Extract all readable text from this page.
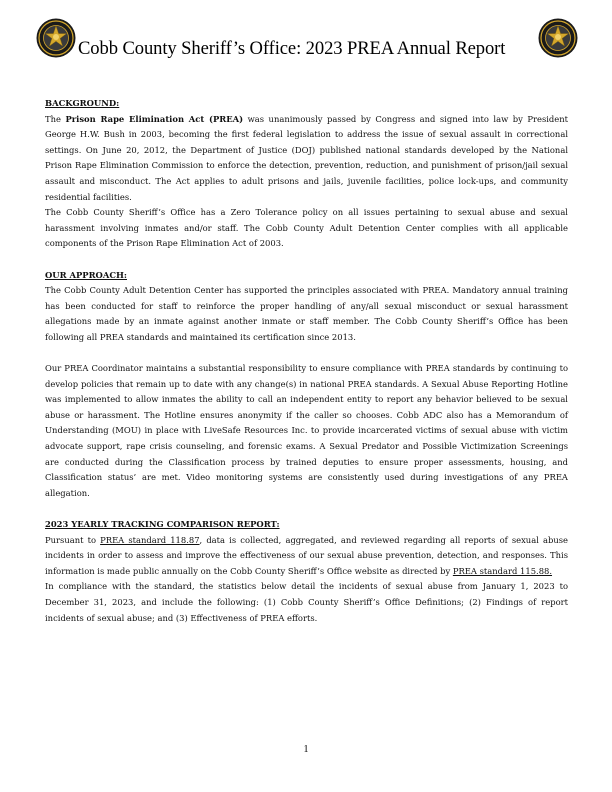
Cobb County Sheriff’s Office: 2023 PREA Annual Report
BACKGROUND:

The Prison Rape Elimination Act (PREA) was unanimously passed by Congress and signed into law by President George H.W. Bush in 2003, becoming the first federal legislation to address the issue of sexual assault in correctional settings. On June 20, 2012, the Department of Justice (DOJ) published national standards developed by the National Prison Rape Elimination Commission to enforce the detection, prevention, reduction, and punishment of prison/jail sexual assault and misconduct. The Act applies to adult prisons and jails, juvenile facilities, police lock-ups, and community residential facilities.

The Cobb County Sheriff’s Office has a Zero Tolerance policy on all issues pertaining to sexual abuse and sexual harassment involving inmates and/or staff. The Cobb County Adult Detention Center complies with all applicable components of the Prison Rape Elimination Act of 2003.

OUR APPROACH:

The Cobb County Adult Detention Center has supported the principles associated with PREA. Mandatory annual training has been conducted for staff to reinforce the proper handling of any/all sexual misconduct or sexual harassment allegations made by an inmate against another inmate or staff member. The Cobb County Sheriff’s Office has been following all PREA standards and maintained its certification since 2013.

Our PREA Coordinator maintains a substantial responsibility to ensure compliance with PREA standards by continuing to develop policies that remain up to date with any change(s) in national PREA standards. A Sexual Abuse Reporting Hotline was implemented to allow inmates the ability to call an independent entity to report any behavior believed to be sexual abuse or harassment. The Hotline ensures anonymity if the caller so chooses. Cobb ADC also has a Memorandum of Understanding (MOU) in place with LiveSafe Resources Inc. to provide incarcerated victims of sexual abuse with victim advocate support, rape crisis counseling, and forensic exams. A Sexual Predator and Possible Victimization Screenings are conducted during the Classification process by trained deputies to ensure proper assessments, housing, and Classification status’ are met. Video monitoring systems are consistently used during investigations of any PREA allegation.

2023 YEARLY TRACKING COMPARISON REPORT:

Pursuant to PREA standard 118.87, data is collected, aggregated, and reviewed regarding all reports of sexual abuse incidents in order to assess and improve the effectiveness of our sexual abuse prevention, detection, and responses. This information is made public annually on the Cobb County Sheriff’s Office website as directed by PREA standard 115.88.

In compliance with the standard, the statistics below detail the incidents of sexual abuse from January 1, 2023 to December 31, 2023, and include the following: (1) Cobb County Sheriff’s Office Definitions; (2) Findings of report incidents of sexual abuse; and (3) Effectiveness of PREA efforts.

1
